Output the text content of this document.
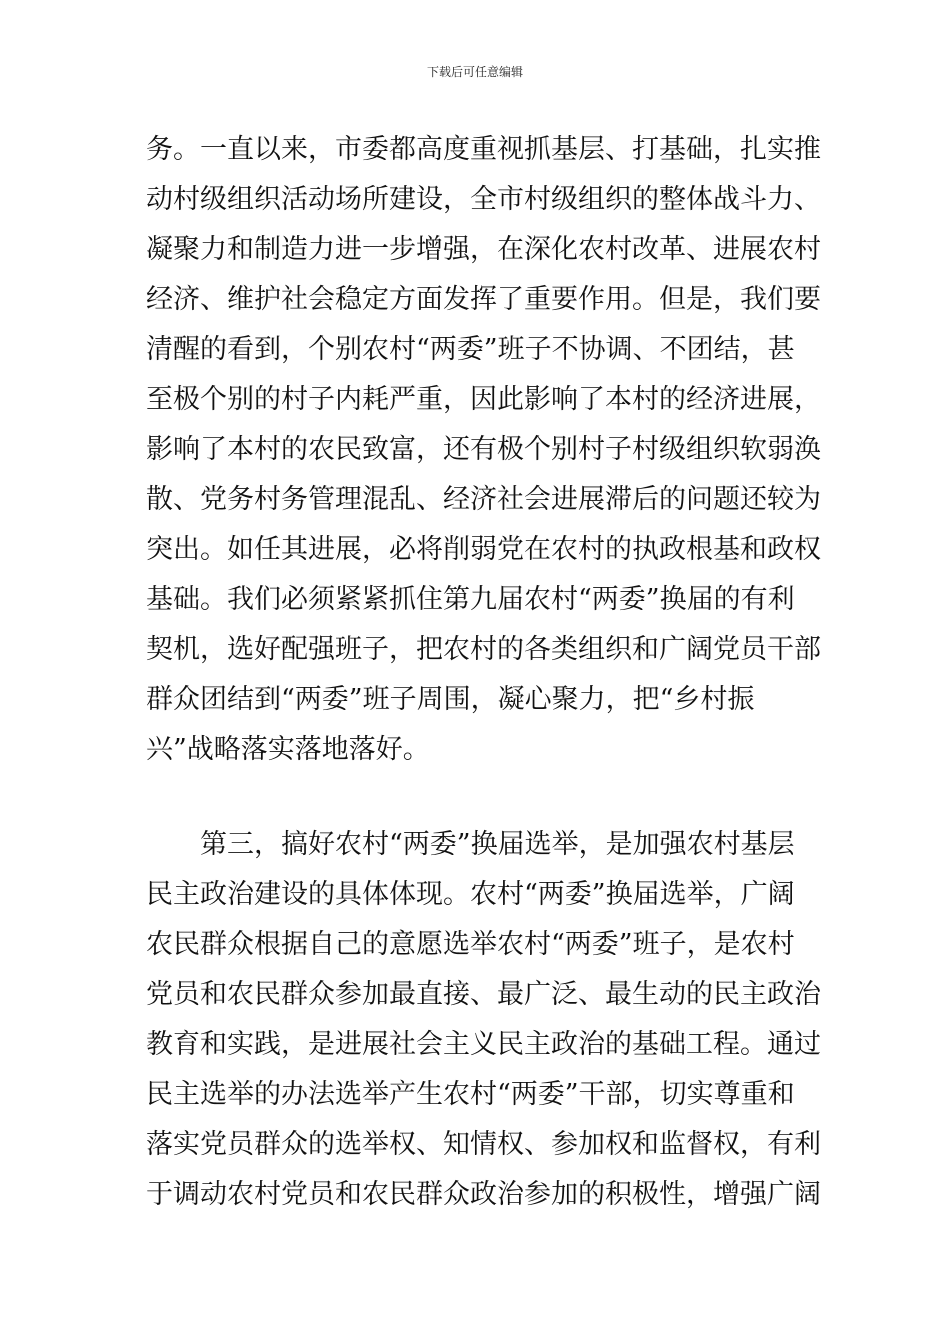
下载后可任意编辑
务。一直以来，市委都高度重视抓基层、打基础，扎实推
动村级组织活动场所建设，全市村级组织的整体战斗力、
凝聚力和制造力进一步增强，在深化农村改革、进展农村
经济、维护社会稳定方面发挥了重要作用。但是，我们要
清醒的看到，个别农村“两委”班子不协调、不团结，甚
至极个别的村子内耗严重，因此影响了本村的经济进展，
影响了本村的农民致富，还有极个别村子村级组织软弱涣
散、党务村务管理混乱、经济社会进展滞后的问题还较为
突出。如任其进展，必将削弱党在农村的执政根基和政权
基础。我们必须紧紧抓住第九届农村“两委”换届的有利
契机，选好配强班子，把农村的各类组织和广阔党员干部
群众团结到“两委”班子周围，凝心聚力，把“乡村振
兴”战略落实落地落好。
第三，搞好农村“两委”换届选举，是加强农村基层
民主政治建设的具体体现。农村“两委”换届选举，广阔
农民群众根据自己的意愿选举农村“两委”班子，是农村
党员和农民群众参加最直接、最广泛、最生动的民主政治
教育和实践，是进展社会主义民主政治的基础工程。通过
民主选举的办法选举产生农村“两委”干部，切实尊重和
落实党员群众的选举权、知情权、参加权和监督权，有利
于调动农村党员和农民群众政治参加的积极性，增强广阔
